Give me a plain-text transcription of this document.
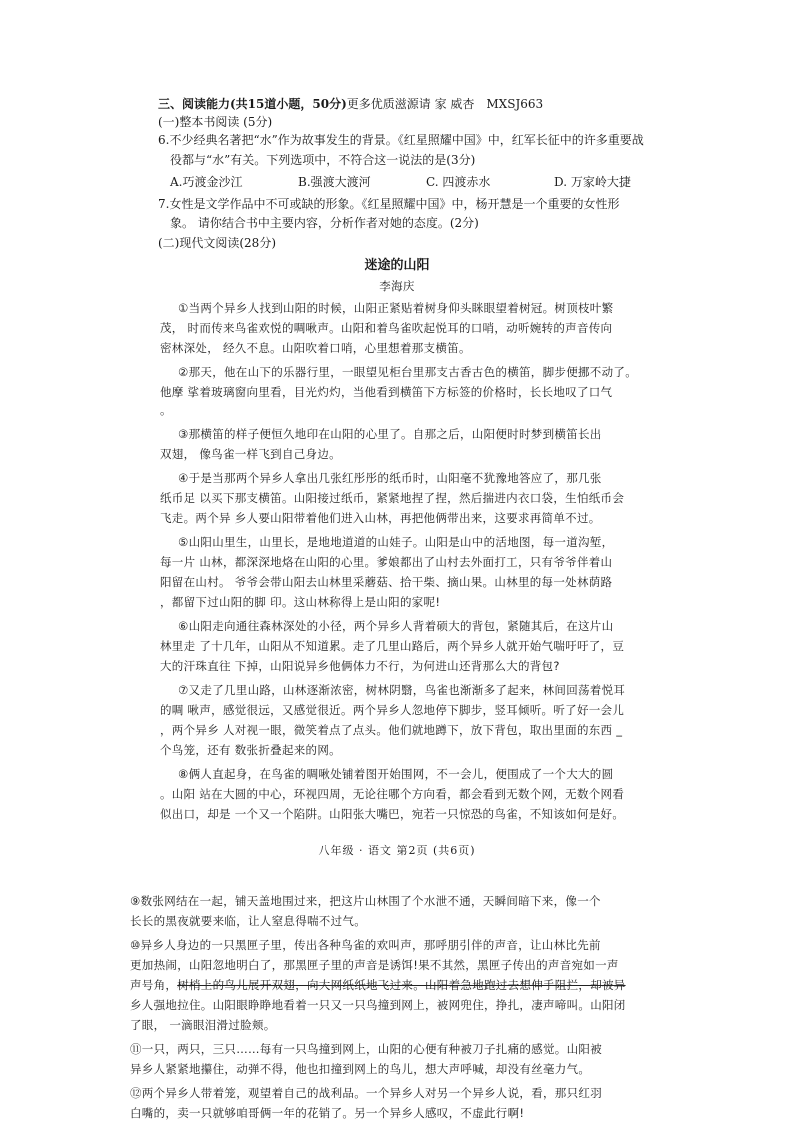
三、阅读能力(共15道小题，50分)更多优质滋源请 家 威杏　MXSJ663
(一)整本书阅读 (5分)
6.不少经典名著把“水”作为故事发生的背景。《红星照耀中国》中，红军长征中的许多重要战
役都与“水”有关。下列选项中，不符合这一说法的是(3分)
A.巧渡金沙江	B.强渡大渡河	C. 四渡赤水	D. 万家岭大捷
7.女性是文学作品中不可或缺的形象。《红星照耀中国》中，杨开慧是一个重要的女性形
象。 请你结合书中主要内容，分析作者对她的态度。(2分)
(二)现代文阅读(28分)
迷途的山阳
李海庆
①当两个异乡人找到山阳的时候，山阳正紧贴着树身仰头眯眼望着树冠。树顶枝叶繁
茂， 时而传来鸟雀欢悦的啁啾声。山阳和着鸟雀吹起悦耳的口哨，动听婉转的声音传向
密林深处， 经久不息。山阳吹着口哨，心里想着那支横笛。
②那天，他在山下的乐器行里，一眼望见柜台里那支古香古色的横笛，脚步便挪不动了。
他摩 挲着玻璃窗向里看，目光灼灼，当他看到横笛下方标签的价格时，长长地叹了口气
。
③那横笛的样子便恒久地印在山阳的心里了。自那之后，山阳便时时梦到横笛长出
双翅， 像鸟雀一样飞到自己身边。
④于是当那两个异乡人拿出几张红彤彤的纸币时，山阳毫不犹豫地答应了，那几张
纸币足 以买下那支横笛。山阳接过纸币，紧紧地捏了捏，然后揣进内衣口袋，生怕纸币会
飞走。两个异 乡人要山阳带着他们进入山林，再把他俩带出来，这要求再简单不过。
⑤山阳山里生，山里长，是地地道道的山娃子。山阳是山中的活地图，每一道沟堑，
每一片 山林，都深深地烙在山阳的心里。爹娘都出了山村去外面打工，只有爷爷伴着山
阳留在山村。 爷爷会带山阳去山林里采蘑菇、拾干柴、摘山果。山林里的每一处林荫路
，都留下过山阳的脚 印。这山林称得上是山阳的家呢!
⑥山阳走向通往森林深处的小径，两个异乡人背着硕大的背包，紧随其后，在这片山
林里走 了十几年，山阳从不知道累。走了几里山路后，两个异乡人就开始气喘吁吁了，豆
大的汗珠直往 下掉，山阳说异乡他俩体力不行，为何进山还背那么大的背包?
⑦又走了几里山路，山林逐渐浓密，树林阴翳，鸟雀也渐渐多了起来，林间回荡着悦耳
的啁 啾声，感觉很远，又感觉很近。两个异乡人忽地停下脚步，竖耳倾听。听了好一会儿
，两个异乡 人对视一眼，微笑着点了点头。他们就地蹲下，放下背包，取出里面的东西 _
个鸟笼，还有 数张折叠起来的网。
⑧俩人直起身，在鸟雀的啁啾处铺着图开始围网，不一会儿，便围成了一个大大的圆
。山阳 站在大圆的中心，环视四周，无论往哪个方向看，都会看到无数个网，无数个网看
似出口，却是 一个又一个陷阱。山阳张大嘴巴，宛若一只惊恐的鸟雀，不知该如何是好。
八年级 · 语文 第2页 (共6页)
⑨数张网结在一起，铺天盖地围过来，把这片山林围了个水泄不通，天瞬间暗下来，像一个
长长的黑夜就要来临，让人窒息得喘不过气。
⑩异乡人身边的一只黑匣子里，传出各种鸟雀的欢叫声，那呼朋引伴的声音，让山林比先前
更加热闹，山阳忽地明白了，那黑匣子里的声音是诱饵!果不其然，黑匣子传出的声音宛如一声
声号角，树梢上的鸟儿展开双翅，向大网纸纸地飞过来。山阳着急地跑过去想伸手阻拦，却被异
乡人强地拉住。山阳眼睁睁地看着一只又一只鸟撞到网上，被网兜住，挣扎，凄声啼叫。山阳闭
了眼， 一滴眼泪滑过脸颊。
⑪一只，两只，三只……每有一只鸟撞到网上，山阳的心便有种被刀子扎痛的感觉。山阳被
异乡人紧紧地攥住，动弹不得，他也扣撞到网上的鸟儿，想大声呼喊，却没有丝毫力气。
⑫两个异乡人带着笼，观望着自己的战利品。一个异乡人对另一个异乡人说，看，那只红羽
白嘴的，卖一只就够咱哥俩一年的花销了。另一个异乡人感叹，不虚此行啊!
